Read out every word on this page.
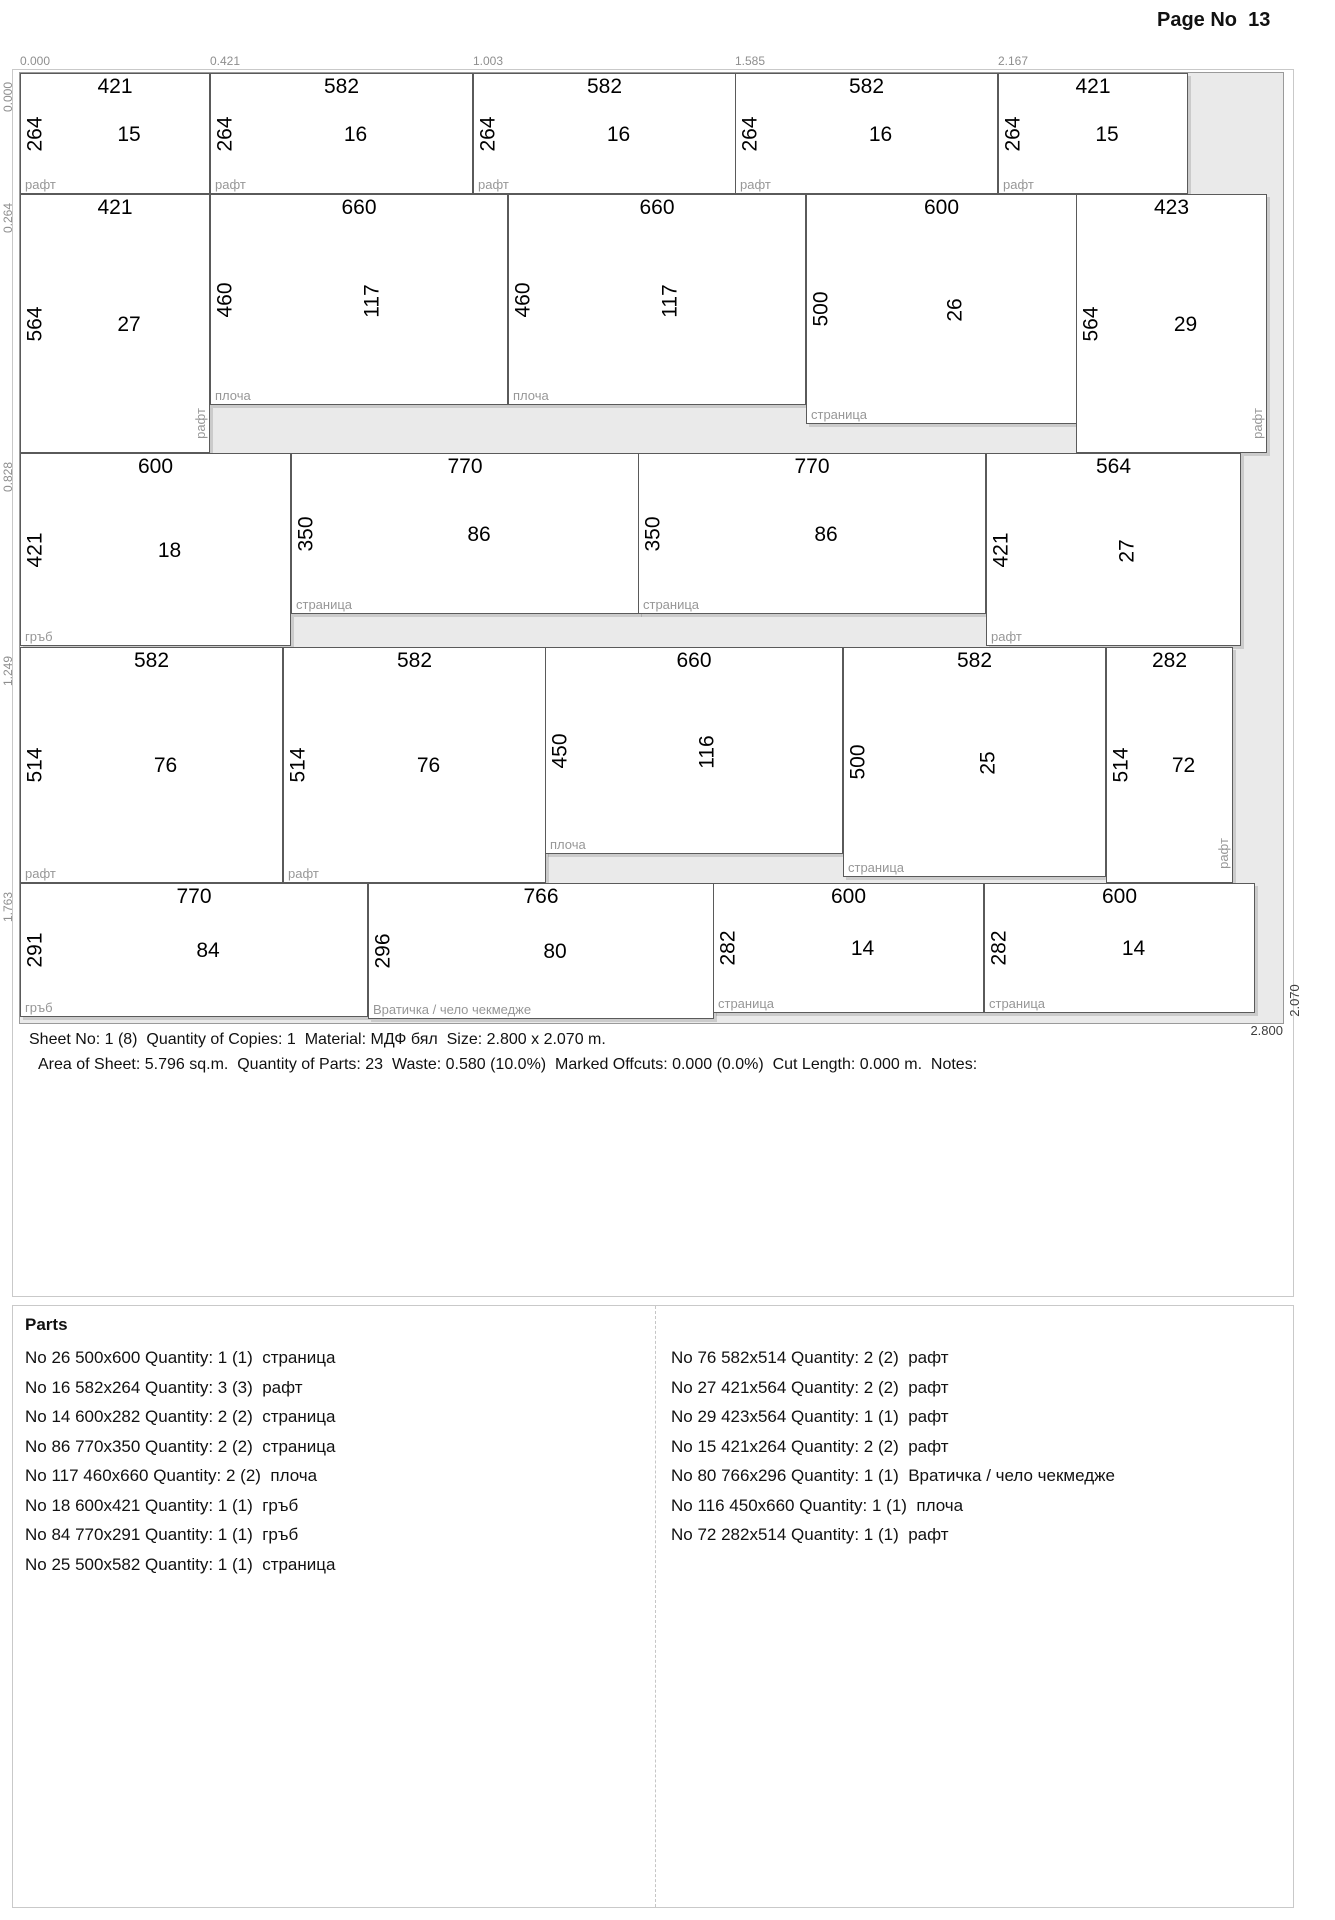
Page No  13
421
264	15
рафт
582
264	16
рафт
582
264	16
рафт
582
264	16
рафт
421
264	15
рафт
421
564	27
рафт
660
460	117
плоча
660
460	117
плоча
600
500	26
страница
423
564	29
рафт
600
421	18
гръб
770
350	86
страница
770
350	86
страница
564
421	27
рафт
582
514	76
рафт
582
514	76
рафт
660
450	116
плоча
582
500	25
страница
282
514	72
рафт
770
291	84
гръб
766
296	80
Вратичка / чело чекмедже
600
282	14
страница
600
282	14
страница
0.000	0.421	1.003	1.585	2.167
0.000
0.264
0.828
1.249
1.763
2.800
2.070
Sheet No: 1 (8)  Quantity of Copies: 1  Material: МДФ бял  Size: 2.800 x 2.070 m.
Area of Sheet: 5.796 sq.m.  Quantity of Parts: 23  Waste: 0.580 (10.0%)  Marked Offcuts: 0.000 (0.0%)  Cut Length: 0.000 m.  Notes:
Parts
No 26 500x600 Quantity: 1 (1)  страница
No 16 582x264 Quantity: 3 (3)  рафт
No 14 600x282 Quantity: 2 (2)  страница
No 86 770x350 Quantity: 2 (2)  страница
No 117 460x660 Quantity: 2 (2)  плоча
No 18 600x421 Quantity: 1 (1)  гръб
No 84 770x291 Quantity: 1 (1)  гръб
No 25 500x582 Quantity: 1 (1)  страница
No 76 582x514 Quantity: 2 (2)  рафт
No 27 421x564 Quantity: 2 (2)  рафт
No 29 423x564 Quantity: 1 (1)  рафт
No 15 421x264 Quantity: 2 (2)  рафт
No 80 766x296 Quantity: 1 (1)  Вратичка / чело чекмедже
No 116 450x660 Quantity: 1 (1)  плоча
No 72 282x514 Quantity: 1 (1)  рафт
